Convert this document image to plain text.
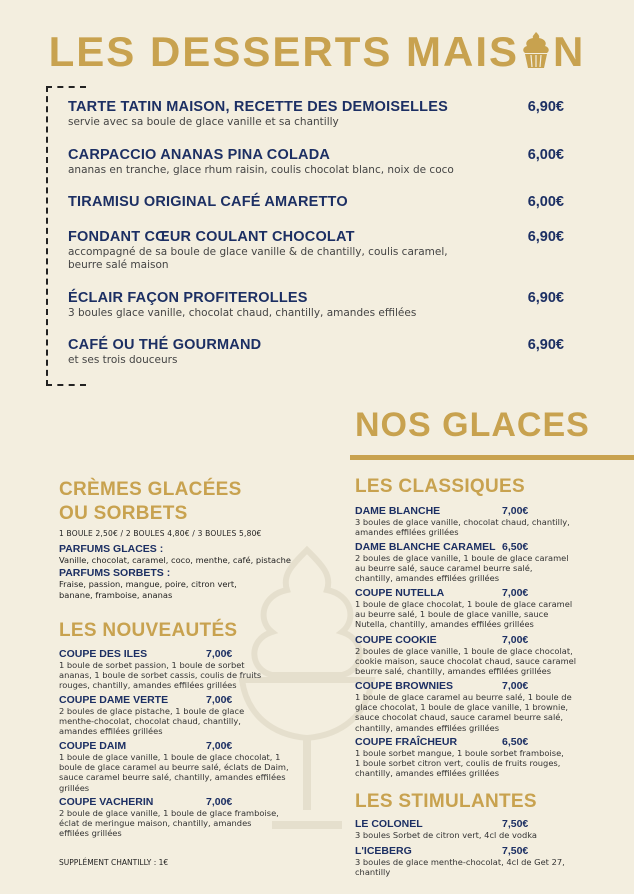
LES DESSERTS MAIS N
TARTE TATIN MAISON, RECETTE DES DEMOISELLES	6,90€
servie avec sa boule de glace vanille et sa chantilly
CARPACCIO ANANAS PINA COLADA	6,00€
ananas en tranche, glace rhum raisin, coulis chocolat blanc, noix de coco
TIRAMISU ORIGINAL CAFÉ AMARETTO	6,00€
FONDANT CŒUR COULANT CHOCOLAT	6,90€
accompagné de sa boule de glace vanille & de chantilly, coulis caramel, beurre salé maison
ÉCLAIR FAÇON PROFITEROLLES	6,90€
3 boules glace vanille, chocolat chaud, chantilly, amandes effilées
CAFÉ OU THÉ GOURMAND	6,90€
et ses trois douceurs
NOS GLACES
CRÈMES GLACÉES
OU SORBETS
1 BOULE 2,50€ / 2 BOULES 4,80€ / 3 BOULES 5,80€
PARFUMS GLACES :
Vanille, chocolat, caramel, coco, menthe, café, pistache
PARFUMS SORBETS :
Fraise, passion, mangue, poire, citron vert, banane, framboise, ananas
LES NOUVEAUTÉS
COUPE DES ILES	7,00€
1 boule de sorbet passion, 1 boule de sorbet ananas, 1 boule de sorbet cassis, coulis de fruits rouges, chantilly, amandes effilées grillées
COUPE DAME VERTE	7,00€
2 boules de glace pistache, 1 boule de glace menthe-chocolat, chocolat chaud, chantilly, amandes effilées grillées
COUPE DAIM	7,00€
1 boule de glace vanille, 1 boule de glace chocolat, 1 boule de glace caramel au beurre salé, éclats de Daim, sauce caramel beurre salé, chantilly, amandes effilées grillées
COUPE VACHERIN	7,00€
2 boule de glace vanille, 1 boule de glace framboise, éclat de meringue maison, chantilly, amandes effilées grillées
SUPPLÉMENT CHANTILLY : 1€
LES CLASSIQUES
DAME BLANCHE	7,00€
3 boules de glace vanille, chocolat chaud, chantilly, amandes effilées grillées
DAME BLANCHE CARAMEL 6,50€
2 boules de glace vanille, 1 boule de glace caramel au beurre salé, sauce caramel beurre salé, chantilly, amandes effilées grillées
COUPE NUTELLA	7,00€
1 boule de glace chocolat, 1 boule de glace caramel au beurre salé, 1 boule de glace vanille, sauce Nutella, chantilly, amandes effilées grillées
COUPE COOKIE	7,00€
2 boules de glace vanille, 1 boule de glace chocolat, cookie maison, sauce chocolat chaud, sauce caramel beurre salé, chantilly, amandes effilées grillées
COUPE BROWNIES	7,00€
1 boule de glace caramel au beurre salé, 1 boule de glace chocolat, 1 boule de glace vanille, 1 brownie, sauce chocolat chaud, sauce caramel beurre salé, chantilly, amandes effilées grillées
COUPE FRAÎCHEUR	6,50€
1 boule sorbet mangue, 1 boule sorbet framboise, 1 boule sorbet citron vert, coulis de fruits rouges, chantilly, amandes effilées grillées
LES STIMULANTES
LE COLONEL	7,50€
3 boules Sorbet de citron vert, 4cl de vodka
L'ICEBERG	7,50€
3 boules de glace menthe-chocolat, 4cl de Get 27, chantilly
